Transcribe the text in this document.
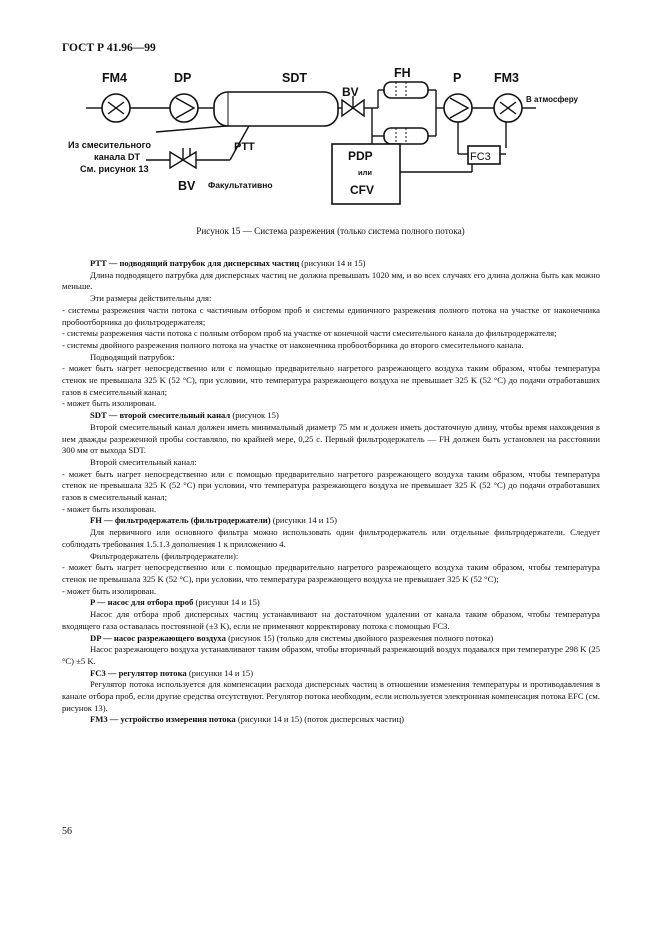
ГОСТ Р 41.96—99
FM4	DP	SDT
BV
FH	P	FM3
В атмосферу
FC3
PDP
или
CFV
Из смесительного
канала DT
См. рисунок 13
PTT
BV Факультативно
Рисунок 15 — Система разрежения (только система полного потока)

PTT — подводящий патрубок для дисперсных частиц (рисунки 14 и 15)

Длина подводящего патрубка для дисперсных частиц не должна превышать 1020 мм, и во всех случаях его длина должна быть как можно меньше.

Эти размеры действительны для:

- системы разрежения части потока с частичным отбором проб и системы единичного разрежения полного потока на участке от наконечника пробоотборника до фильтродержателя;

- системы разрежения части потока с полным отбором проб на участке от конечной части смесительного канала до фильтродержателя;

- системы двойного разрежения полного потока на участке от наконечника пробоотборника до второго смесительного канала.

Подводящий патрубок:

- может быть нагрет непосредственно или с помощью предварительно нагретого разрежающего воздуха таким образом, чтобы температура стенок не превышала 325 K (52 °C), при условии, что температура разрежающего воздуха не превышает 325 K (52 °C) до подачи отработавших газов в смесительный канал;

- может быть изолирован.

SDT — второй смесительный канал (рисунок 15)

Второй смесительный канал должен иметь минимальный диаметр 75 мм и должен иметь достаточную длину, чтобы время нахождения в нем дважды разреженной пробы составляло, по крайней мере, 0,25 с. Первый фильтродержатель — FH должен быть установлен на расстоянии 300 мм от выхода SDT.

Второй смесительный канал:

- может быть нагрет непосредственно или с помощью предварительно нагретого разрежающего воздуха таким образом, чтобы температура стенок не превышала 325 K (52 °C) при условии, что температура разрежающего воздуха не превышает 325 K (52 °C) до подачи отработавших газов в смесительный канал;

- может быть изолирован.

FH — фильтродержатель (фильтродержатели) (рисунки 14 и 15)

Для первичного или основного фильтра можно использовать один фильтродержатель или отдельные фильтродержатели. Следует соблюдать требования 1.5.1.3 дополнения 1 к приложению 4.

Фильтродержатель (фильтродержатели):

- может быть нагрет непосредственно или с помощью предварительно нагретого разрежающего воздуха таким образом, чтобы температура стенок не превышала 325 K (52 °C), при условии, что температура разрежающего воздуха не превышает 325 K (52 °C);

- может быть изолирован.

P — насос для отбора проб (рисунки 14 и 15)

Насос для отбора проб дисперсных частиц устанавливают на достаточном удалении от канала таким образом, чтобы температура входящего газа оставалась постоянной (±3 K), если не применяют корректировку потока с помощью FC3.

DP — насос разрежающего воздуха (рисунок 15) (только для системы двойного разрежения полного потока)

Насос разрежающего воздуха устанавливают таким образом, чтобы вторичный разрежающий воздух подавался при температуре 298 K (25 °C) ±5 K.

FC3 — регулятор потока (рисунки 14 и 15)

Регулятор потока используется для компенсации расхода дисперсных частиц в отношении изменения температуры и противодавления в канале отбора проб, если другие средства отсутствуют. Регулятор потока необходим, если используется электронная компенсация потока EFC (см. рисунок 13).

FM3 — устройство измерения потока (рисунки 14 и 15) (поток дисперсных частиц)

56
